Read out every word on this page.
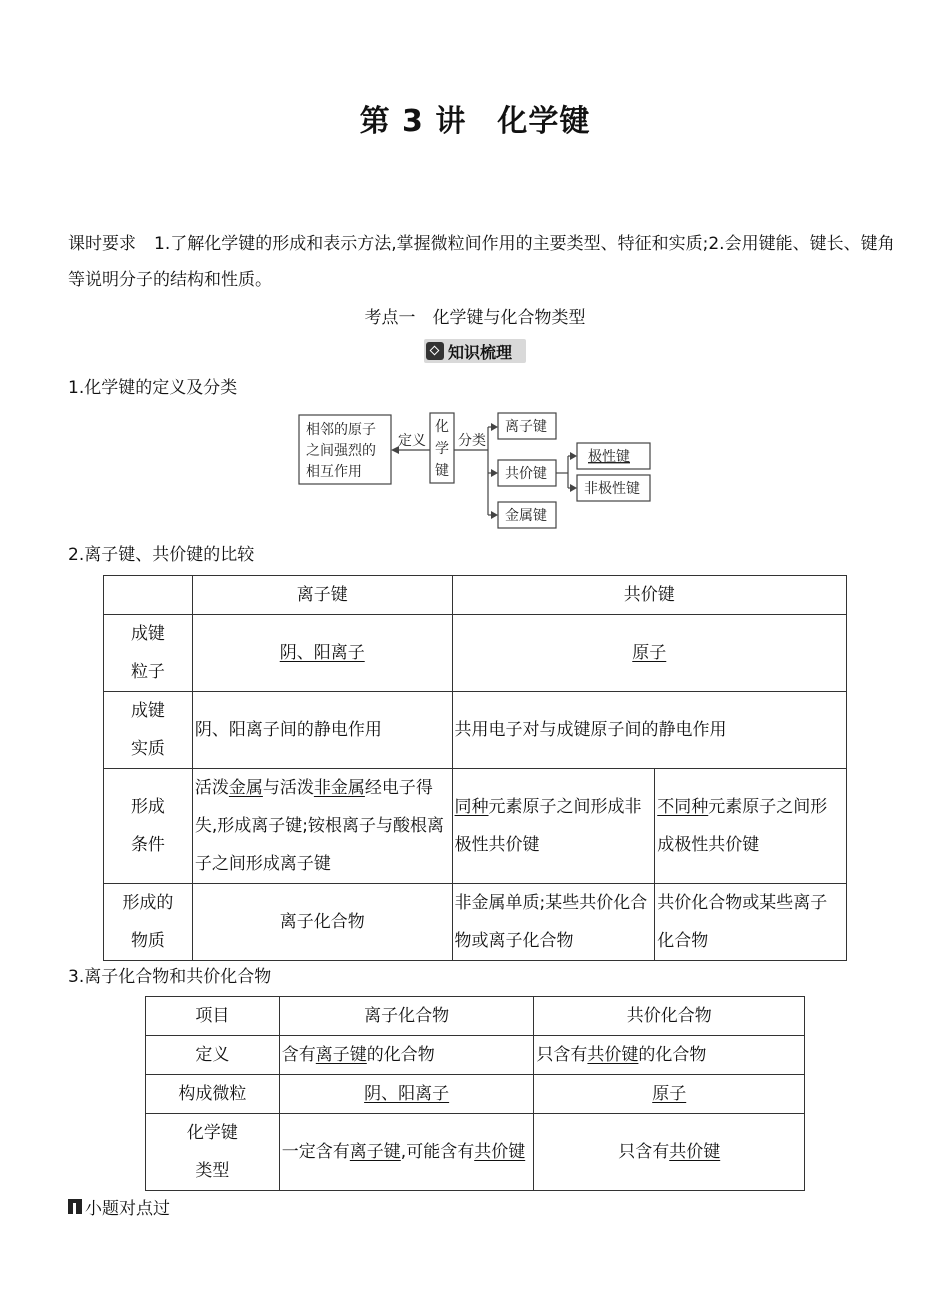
第 3 讲　化学键
课时要求 1.了解化学键的形成和表示方法,掌握微粒间作用的主要类型、特征和实质;2.会用键能、键长、键角等说明分子的结构和性质。
考点一　化学键与化合物类型
知识梳理
1.化学键的定义及分类
相邻的原子
之间强烈的
相互作用
定义
化
学
键
分类
离子键
共价键
极性键
非极性键
金属键
2.离子键、共价键的比较
	离子键	共价键	
成键
粒子	阴、阳离子	原子	
成键
实质	阴、阳离子间的静电作用	共用电子对与成键原子间的静电作用	
形成
条件	活泼金属与活泼非金属经电子得失,形成离子键;铵根离子与酸根离子之间形成离子键	同种元素原子之间形成非极性共价键	不同种元素原子之间形成极性共价键
形成的
物质	离子化合物	非金属单质;某些共价化合物或离子化合物	共价化合物或某些离子化合物
3.离子化合物和共价化合物
项目	离子化合物	共价化合物
定义	含有离子键的化合物	只含有共价键的化合物
构成微粒	阴、阳离子	原子
化学键
类型	一定含有离子键,可能含有共价键	只含有共价键
小题对点过
